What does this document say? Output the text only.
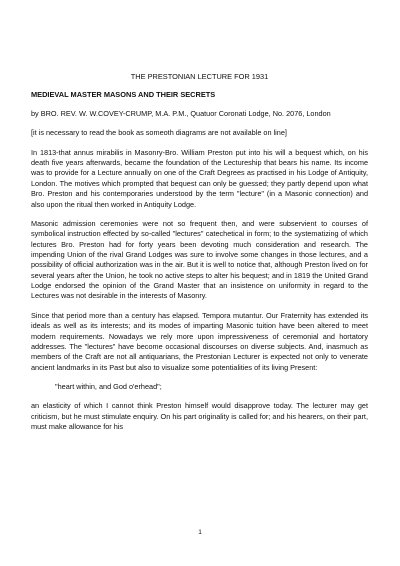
THE PRESTONIAN LECTURE FOR 1931
MEDIEVAL MASTER MASONS AND THEIR SECRETS

by BRO. REV. W. W.COVEY-CRUMP, M.A. P.M., Quatuor Coronati Lodge, No. 2076, London

[it is necessary to read the book as someoth diagrams are not available on line]

In 1813-that annus mirabilis in Masonry-Bro. William Preston put into his will a bequest which, on his death five years afterwards, became the foundation of the Lectureship that bears his name. Its income was to provide for a Lecture annually on one of the Craft Degrees as practised in his Lodge of Antiquity, London. The motives which prompted that bequest can only be guessed; they partly depend upon what Bro. Preston and his contemporaries understood by the term "lecture" (in a Masonic connection) and also upon the ritual then worked in Antiquity Lodge.

Masonic admission ceremonies were not so frequent then, and were subservient to courses of symbolical instruction effected by so-called "lectures" catechetical in form; to the systematizing of which lectures Bro. Preston had for forty years been devoting much consideration and research. The impending Union of the rival Grand Lodges was sure to involve some changes in those lectures, and a possibility of official authorization was in the air. But it is well to notice that, although Preston lived on for several years after the Union, he took no active steps to alter his bequest; and in 1819 the United Grand Lodge endorsed the opinion of the Grand Master that an insistence on uniformity in regard to the Lectures was not desirable in the interests of Masonry.

Since that period more than a century has elapsed. Tempora mutantur. Our Fraternity has extended its ideals as well as its interests; and its modes of imparting Masonic tuition have been altered to meet modern requirements. Nowadays we rely more upon impressiveness of ceremonial and hortatory addresses. The "lectures" have become occasional discourses on diverse subjects. And, inasmuch as members of the Craft are not all antiquarians, the Prestonian Lecturer is expected not only to venerate ancient landmarks in its Past but also to visualize some potentialities of its living Present:

"heart within, and God o'erhead";

an elasticity of which I cannot think Preston himself would disapprove today. The lecturer may get criticism, but he must stimulate enquiry. On his part originality is called for; and his hearers, on their part, must make allowance for his

1
